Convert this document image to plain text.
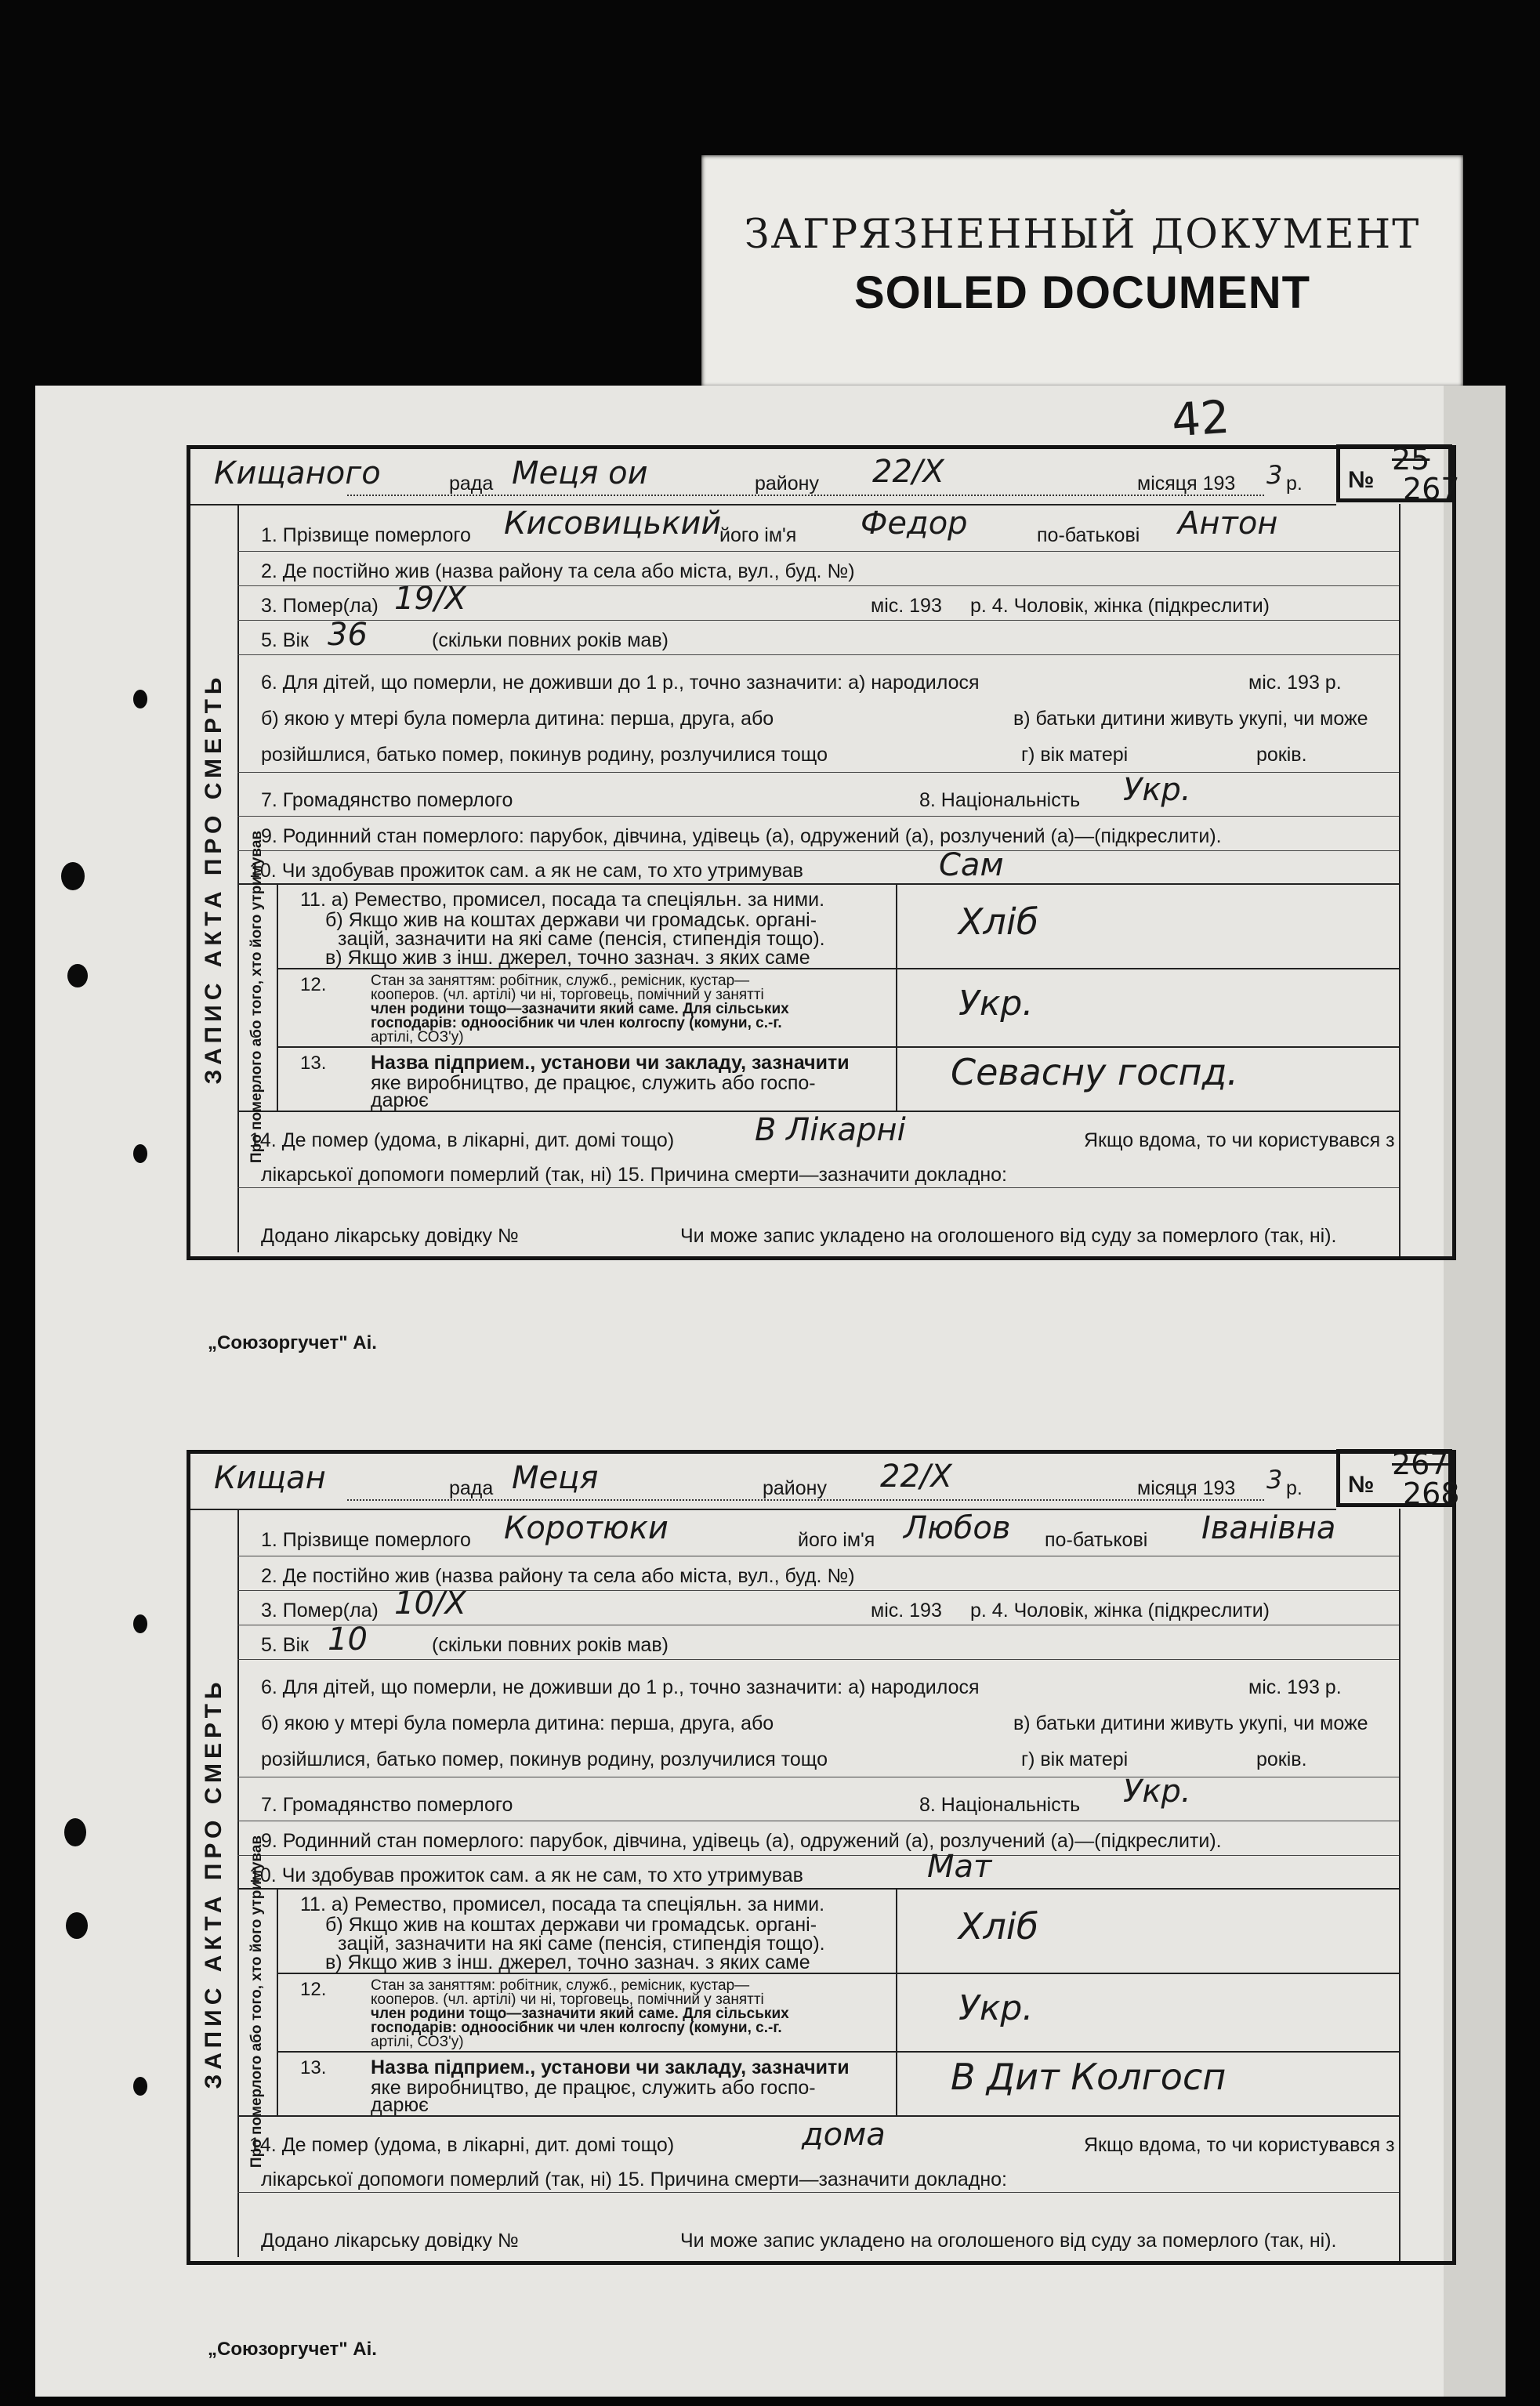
ЗАГРЯЗНЕННЫЙ ДОКУМЕНТ
SOILED DOCUMENT
42
Кищаного	рада Меця ои	району 22/Х	місяця 193 3 р. №
25
267
ЗАПИС АКТА ПРО СМЕРТЬ
1. Прізвище померлого Кисовицький
його ім'я Федор	по-батькові Антон
2. Де постійно жив (назва району та села або міста, вул., буд. №)
3. Помер(ла) 19/Х	міс. 193 р. 4. Чоловік, жінка (підкреслити)
5. Вік 36	(скільки повних років мав)
6. Для дітей, що померли, не доживши до 1 р., точно зазначити: а) народилося	міс. 193 р.
б) якою у мтері була померла дитина: перша, друга, або	в) батьки дитини живуть укупі, чи може
розійшлися, батько помер, покинув родину, розлучилися тощо	г) вік матері	років.
7. Громадянство померлого	8. Національність Укр.
9. Родинний стан померлого: парубок, дівчина, удівець (а), одружений (а), розлучений (а)—(підкреслити).
10. Чи здобував прожиток сам. а як не сам, то хто утримував	Сам
Про померлого або того, хто його утримував 11. а) Ремество, промисел, посада та спеціяльн. за ними.
б) Якщо жив на коштах держави чи громадськ. органі-
зацій, зазначити на які саме (пенсія, стипендія тощо).
в) Якщо жив з інш. джерел, точно зазнач. з яких саме
Хліб
12.	Стан за заняттям: робітник, служб., ремісник, кустар—
кооперов. (чл. артілі) чи ні, торговець, помічний у занятті
член родини тощо—зазначити який саме. Для сільських
господарів: одноосібник чи член колгоспу (комуни, с.-г.
артілі, СОЗ'у)
Укр.
13. Назва підприем., установи чи закладу, зазначити
яке виробництво, де працює, служить або госпо-
дарює
Севасну госпд.
14. Де помер (удома, в лікарні, дит. домі тощо)	В Лікарні	Якщо вдома, то чи користувався з
лікарської допомоги померлий (так, ні) 15. Причина смерти—зазначити докладно:
Додано лікарську довідку №	Чи може запис укладено на оголошеного від суду за померлого (так, ні).
„Союзоргучет" Аі.
Кищан	рада Меця	району 22/Х	місяця 193 3 р. №
267
268
ЗАПИС АКТА ПРО СМЕРТЬ
1. Прізвище померлого Коротюки	його ім'я Любов по-батькові Іванівна
2. Де постійно жив (назва району та села або міста, вул., буд. №)
3. Помер(ла) 10/Х	міс. 193 р. 4. Чоловік, жінка (підкреслити)
5. Вік 10	(скільки повних років мав)
6. Для дітей, що померли, не доживши до 1 р., точно зазначити: а) народилося	міс. 193 р.
б) якою у мтері була померла дитина: перша, друга, або	в) батьки дитини живуть укупі, чи може
розійшлися, батько помер, покинув родину, розлучилися тощо	г) вік матері	років.
7. Громадянство померлого	8. Національність Укр.
9. Родинний стан померлого: парубок, дівчина, удівець (а), одружений (а), розлучений (а)—(підкреслити).
10. Чи здобував прожиток сам. а як не сам, то хто утримував	Мат
Про померлого або того, хто його утримував 11. а) Ремество, промисел, посада та спеціяльн. за ними.
б) Якщо жив на коштах держави чи громадськ. органі-
зацій, зазначити на які саме (пенсія, стипендія тощо).
в) Якщо жив з інш. джерел, точно зазнач. з яких саме
Хліб
12.	Стан за заняттям: робітник, служб., ремісник, кустар—
кооперов. (чл. артілі) чи ні, торговець, помічний у занятті
член родини тощо—зазначити який саме. Для сільських
господарів: одноосібник чи член колгоспу (комуни, с.-г.
артілі, СОЗ'у)
Укр.
13. Назва підприем., установи чи закладу, зазначити
яке виробництво, де працює, служить або госпо-
дарює
В Дит Колгосп
14. Де помер (удома, в лікарні, дит. домі тощо)	дома	Якщо вдома, то чи користувався з
лікарської допомоги померлий (так, ні) 15. Причина смерти—зазначити докладно:
Додано лікарську довідку №	Чи може запис укладено на оголошеного від суду за померлого (так, ні).
„Союзоргучет" Аі.
